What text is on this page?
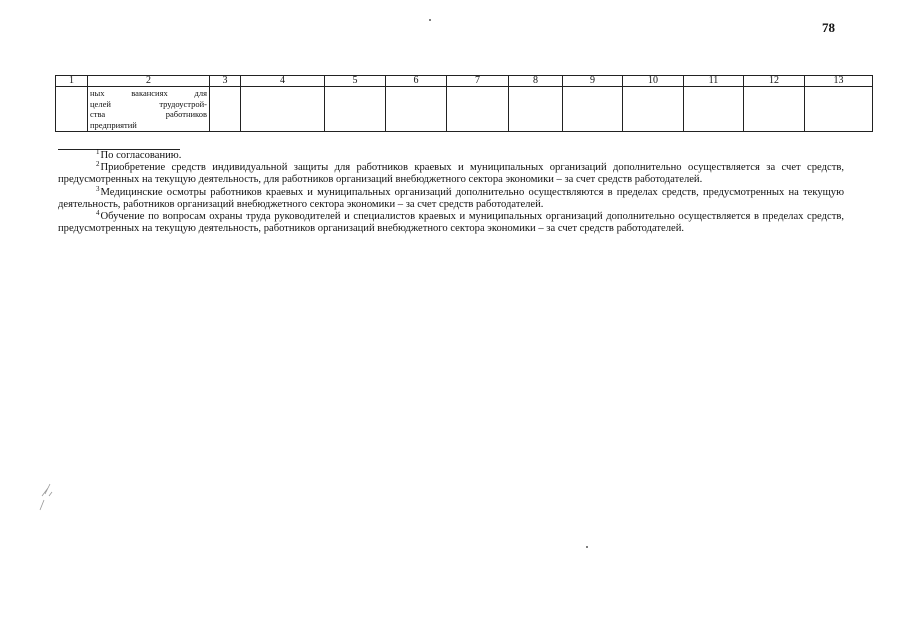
78
1	2	3	4	5	6	7	8	9	10	11	12	13

	ных вакансиях для
целей трудоустрой-
ства работников
предприятий											

$^1$По согласованию.

$^2$Приобретение средств индивидуальной защиты для работников краевых и муниципальных организаций дополнительно осуществляется за счет средств, предусмотренных на текущую деятельность, для работников организаций внебюджетного сектора экономики – за счет средств работодателей.

$^3$Медицинские осмотры работников краевых и муниципальных организаций дополнительно осуществляются в пределах средств, предусмотренных на текущую деятельность, работников организаций внебюджетного сектора экономики – за счет средств работодателей.

$^4$Обучение по вопросам охраны труда руководителей и специалистов краевых и муниципальных организаций дополнительно осуществляется в пределах средств, предусмотренных на текущую деятельность, работников организаций внебюджетного сектора экономики – за счет средств работодателей.
